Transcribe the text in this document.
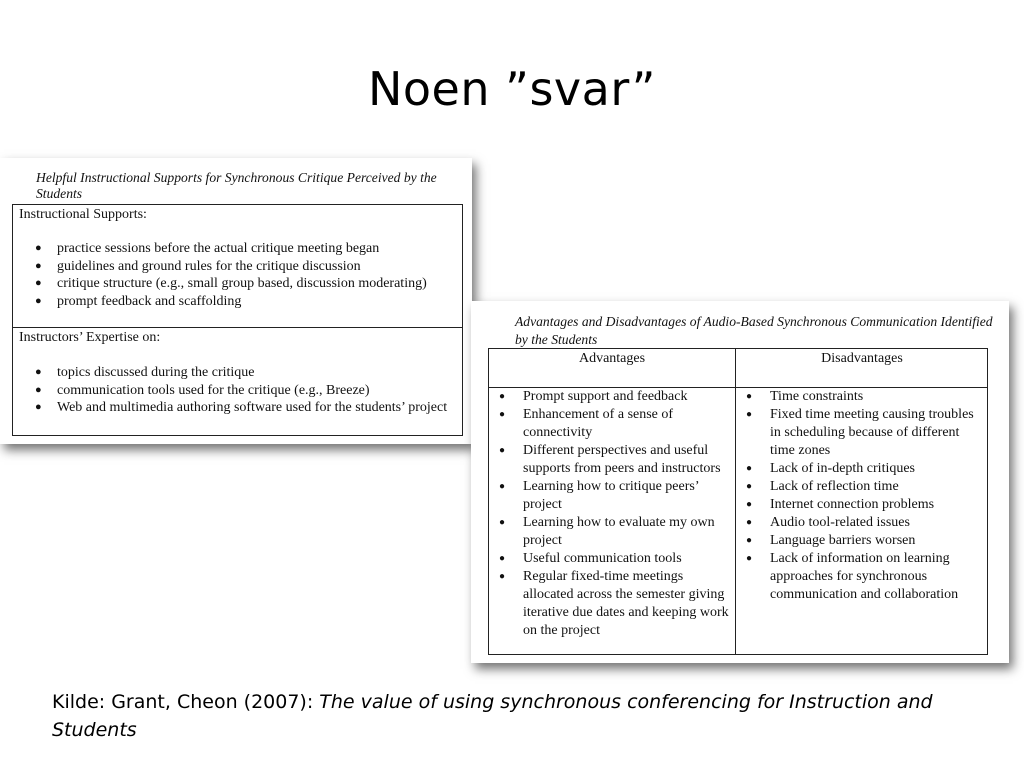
Noen ”svar”

Helpful Instructional Supports for Synchronous Critique Perceived by the Students

Instructional Supports:

● practice sessions before the actual critique meeting began
● guidelines and ground rules for the critique discussion
● critique structure (e.g., small group based, discussion moderating)
● prompt feedback and scaffolding

Instructors’ Expertise on:

● topics discussed during the critique
● communication tools used for the critique (e.g., Breeze)
● Web and multimedia authoring software used for the students’ project

Advantages and Disadvantages of Audio-Based Synchronous Communication Identified by the Students

Advantages	Disadvantages

● Prompt support and feedback
● Enhancement of a sense of connectivity
● Different perspectives and useful supports from peers and instructors
● Learning how to critique peers’ project
● Learning how to evaluate my own project
● Useful communication tools
● Regular fixed-time meetings allocated across the semester giving iterative due dates and keeping work on the project
● Time constraints
● Fixed time meeting causing troubles in scheduling because of different time zones
● Lack of in-depth critiques
● Lack of reflection time
● Internet connection problems
● Audio tool-related issues
● Language barriers worsen
● Lack of information on learning approaches for synchronous communication and collaboration

Kilde: Grant, Cheon (2007): The value of using synchronous conferencing for Instruction and Students
